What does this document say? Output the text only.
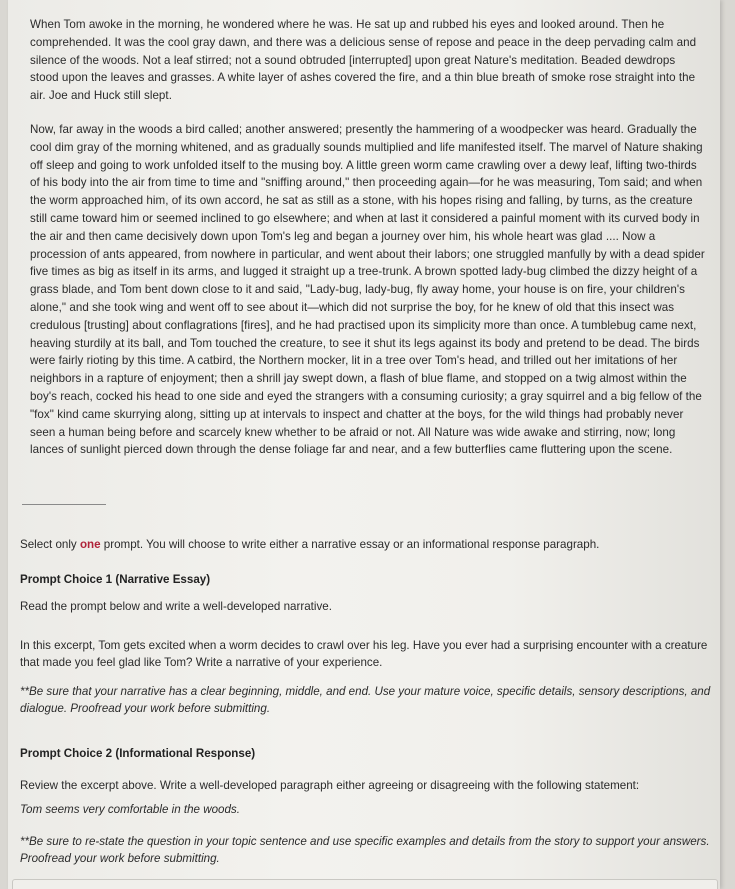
When Tom awoke in the morning, he wondered where he was. He sat up and rubbed his eyes and looked around. Then he comprehended. It was the cool gray dawn, and there was a delicious sense of repose and peace in the deep pervading calm and silence of the woods. Not a leaf stirred; not a sound obtruded [interrupted] upon great Nature's meditation. Beaded dewdrops stood upon the leaves and grasses. A white layer of ashes covered the fire, and a thin blue breath of smoke rose straight into the air. Joe and Huck still slept.

Now, far away in the woods a bird called; another answered; presently the hammering of a woodpecker was heard. Gradually the cool dim gray of the morning whitened, and as gradually sounds multiplied and life manifested itself. The marvel of Nature shaking off sleep and going to work unfolded itself to the musing boy. A little green worm came crawling over a dewy leaf, lifting two-thirds of his body into the air from time to time and "sniffing around," then proceeding again—for he was measuring, Tom said; and when the worm approached him, of its own accord, he sat as still as a stone, with his hopes rising and falling, by turns, as the creature still came toward him or seemed inclined to go elsewhere; and when at last it considered a painful moment with its curved body in the air and then came decisively down upon Tom's leg and began a journey over him, his whole heart was glad .... Now a procession of ants appeared, from nowhere in particular, and went about their labors; one struggled manfully by with a dead spider five times as big as itself in its arms, and lugged it straight up a tree-trunk. A brown spotted lady-bug climbed the dizzy height of a grass blade, and Tom bent down close to it and said, "Lady-bug, lady-bug, fly away home, your house is on fire, your children's alone," and she took wing and went off to see about it—which did not surprise the boy, for he knew of old that this insect was credulous [trusting] about conflagrations [fires], and he had practised upon its simplicity more than once. A tumblebug came next, heaving sturdily at its ball, and Tom touched the creature, to see it shut its legs against its body and pretend to be dead. The birds were fairly rioting by this time. A catbird, the Northern mocker, lit in a tree over Tom's head, and trilled out her imitations of her neighbors in a rapture of enjoyment; then a shrill jay swept down, a flash of blue flame, and stopped on a twig almost within the boy's reach, cocked his head to one side and eyed the strangers with a consuming curiosity; a gray squirrel and a big fellow of the "fox" kind came skurrying along, sitting up at intervals to inspect and chatter at the boys, for the wild things had probably never seen a human being before and scarcely knew whether to be afraid or not. All Nature was wide awake and stirring, now; long lances of sunlight pierced down through the dense foliage far and near, and a few butterflies came fluttering upon the scene.

Select only one prompt. You will choose to write either a narrative essay or an informational response paragraph.

Prompt Choice 1 (Narrative Essay)
Read the prompt below and write a well-developed narrative.
In this excerpt, Tom gets excited when a worm decides to crawl over his leg. Have you ever had a surprising encounter with a creature that made you feel glad like Tom? Write a narrative of your experience.
**Be sure that your narrative has a clear beginning, middle, and end. Use your mature voice, specific details, sensory descriptions, and dialogue. Proofread your work before submitting.
Prompt Choice 2 (Informational Response)
Review the excerpt above. Write a well-developed paragraph either agreeing or disagreeing with the following statement:
Tom seems very comfortable in the woods.
**Be sure to re-state the question in your topic sentence and use specific examples and details from the story to support your answers. Proofread your work before submitting.
